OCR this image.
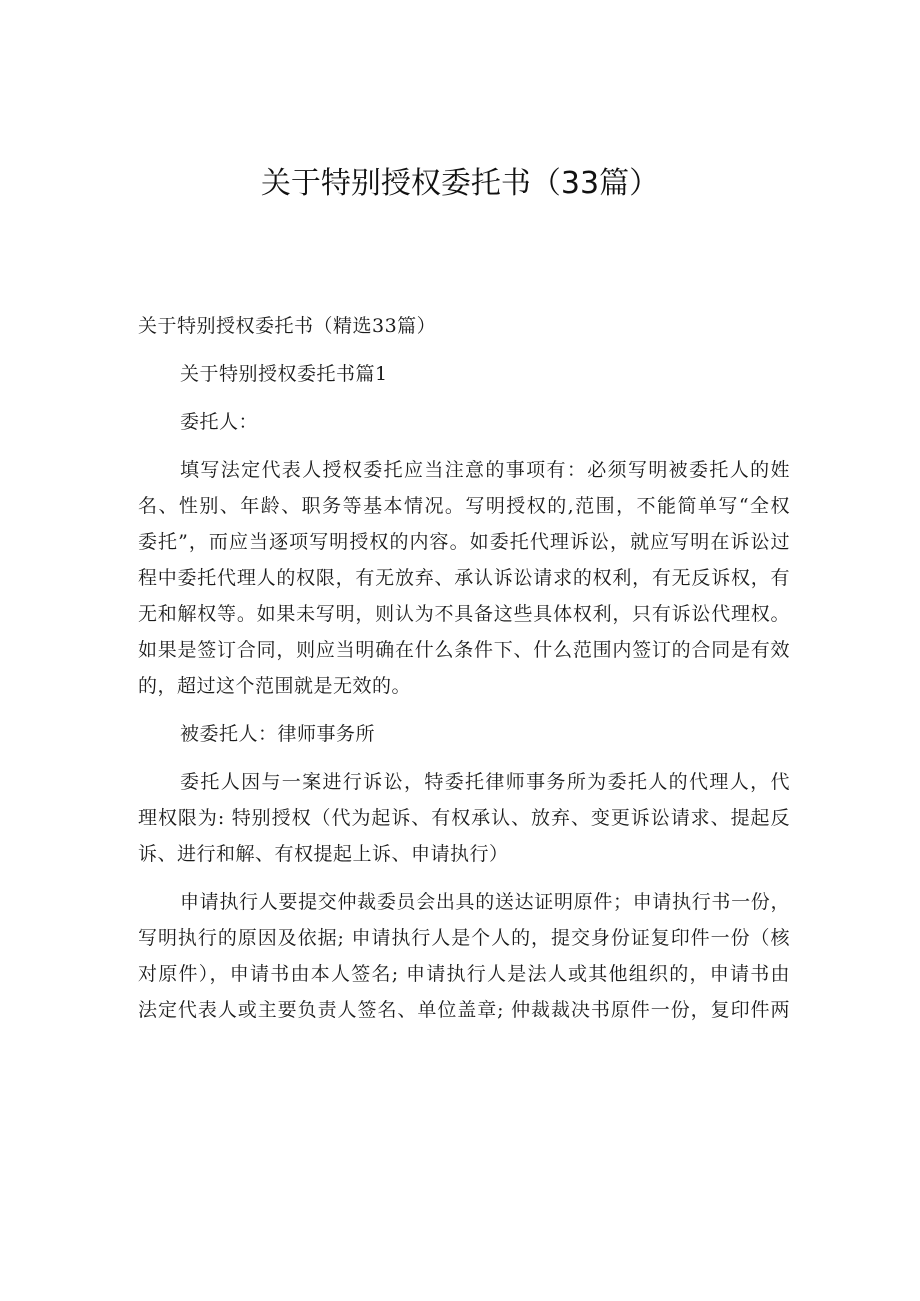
关于特别授权委托书（33篇）
关于特别授权委托书（精选33篇）
关于特别授权委托书篇1
委托人：
填写法定代表人授权委托应当注意的事项有：必须写明被委托人的姓
名、性别、年龄、职务等基本情况。写明授权的,范围，不能简单写“全权
委托”，而应当逐项写明授权的内容。如委托代理诉讼，就应写明在诉讼过
程中委托代理人的权限，有无放弃、承认诉讼请求的权利，有无反诉权，有
无和解权等。如果未写明，则认为不具备这些具体权利，只有诉讼代理权。
如果是签订合同，则应当明确在什么条件下、什么范围内签订的合同是有效
的，超过这个范围就是无效的。
被委托人：律师事务所
委托人因与一案进行诉讼，特委托律师事务所为委托人的代理人，代
理权限为: 特别授权（代为起诉、有权承认、放弃、变更诉讼请求、提起反
诉、进行和解、有权提起上诉、申请执行）
申请执行人要提交仲裁委员会出具的送达证明原件；申请执行书一份，
写明执行的原因及依据; 申请执行人是个人的，提交身份证复印件一份（核
对原件），申请书由本人签名; 申请执行人是法人或其他组织的，申请书由
法定代表人或主要负责人签名、单位盖章; 仲裁裁决书原件一份，复印件两
